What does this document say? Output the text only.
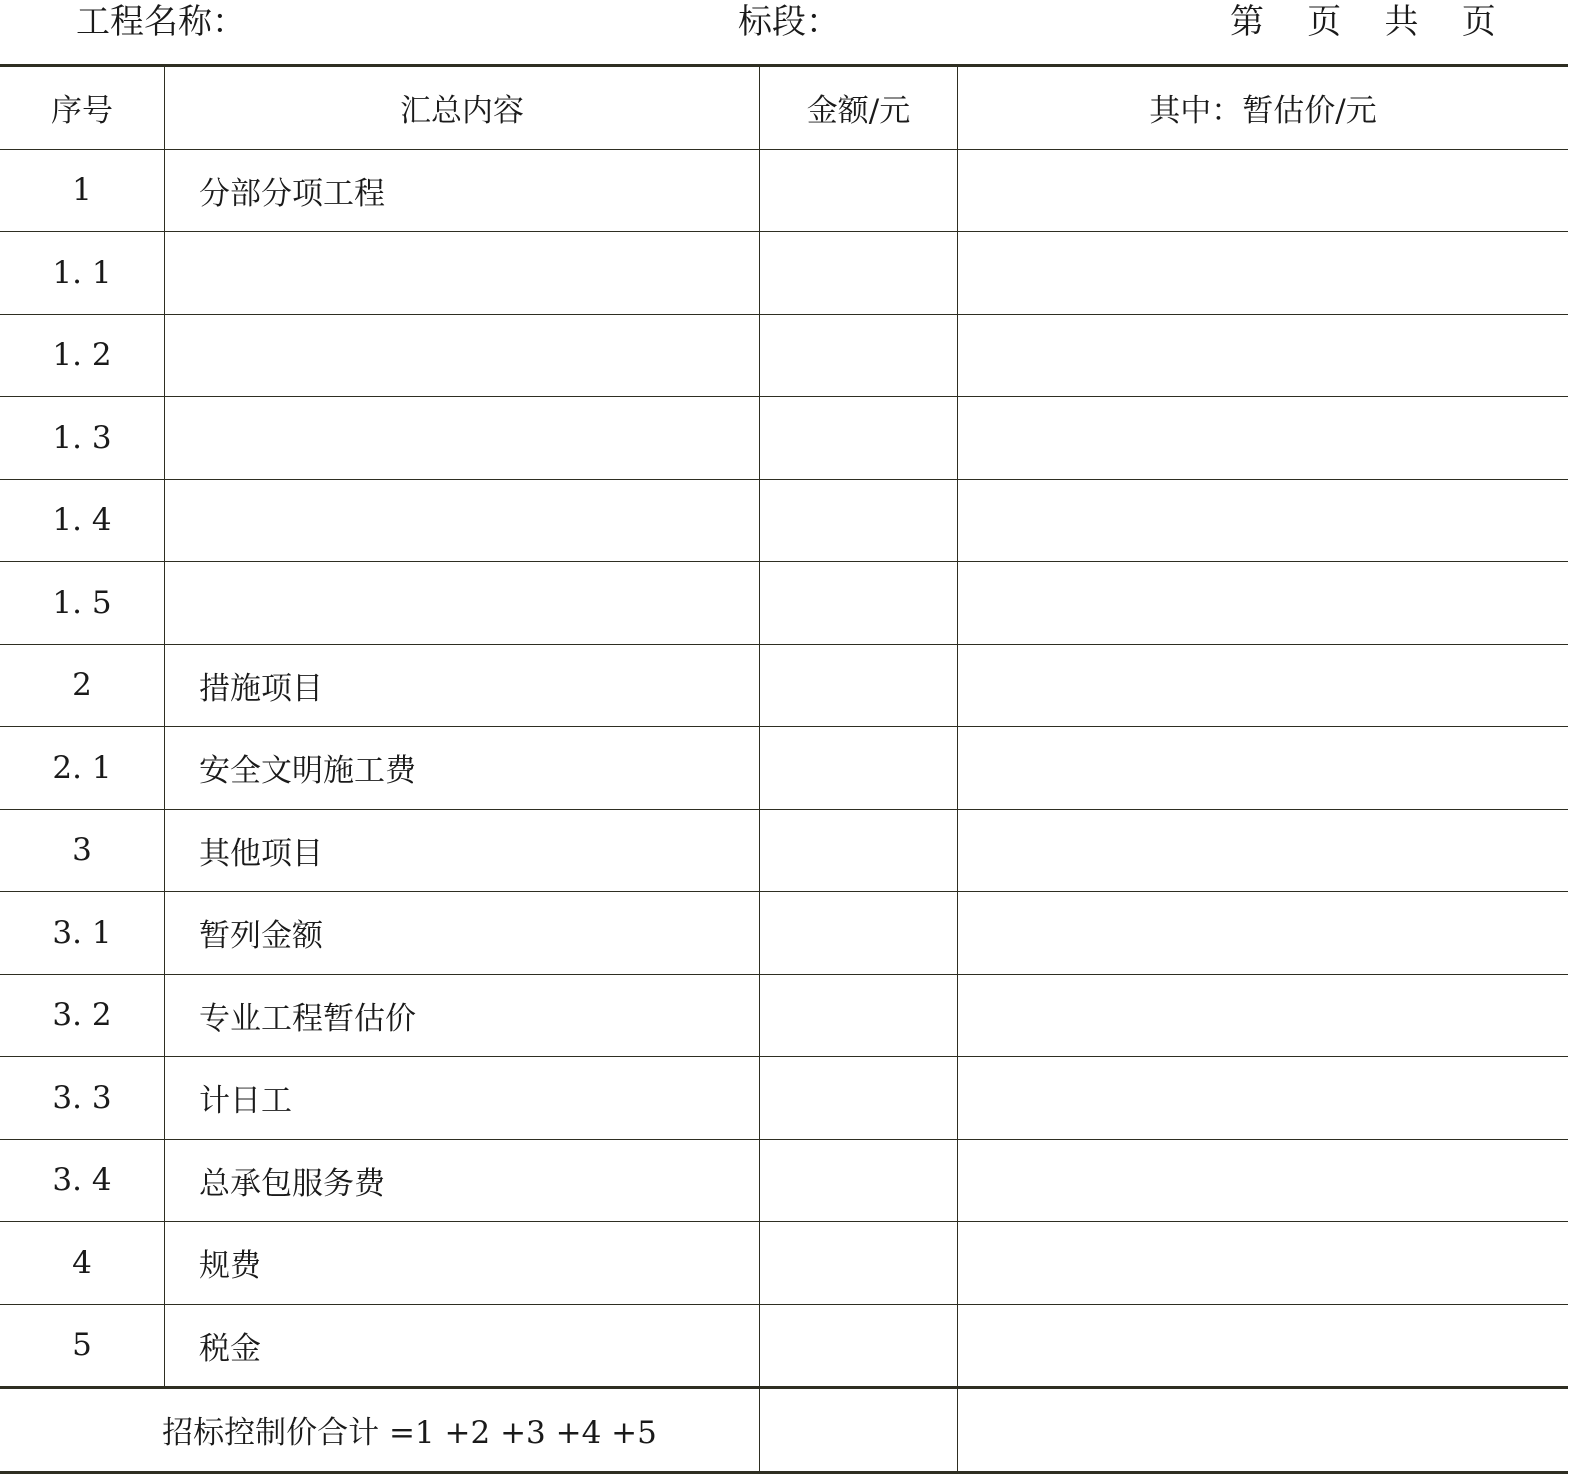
工程名称：	标段：	第    页    共    页
序号	汇总内容	金额/元	其中：暂估价/元
1	分部分项工程		
1. 1			
1. 2			
1. 3			
1. 4			
1. 5			
2	措施项目		
2. 1	安全文明施工费		
3	其他项目		
3. 1	暂列金额		
3. 2	专业工程暂估价		
3. 3	计日工		
3. 4	总承包服务费		
4	规费		
5	税金		
招标控制价合计 =1 +2 +3 +4 +5			
